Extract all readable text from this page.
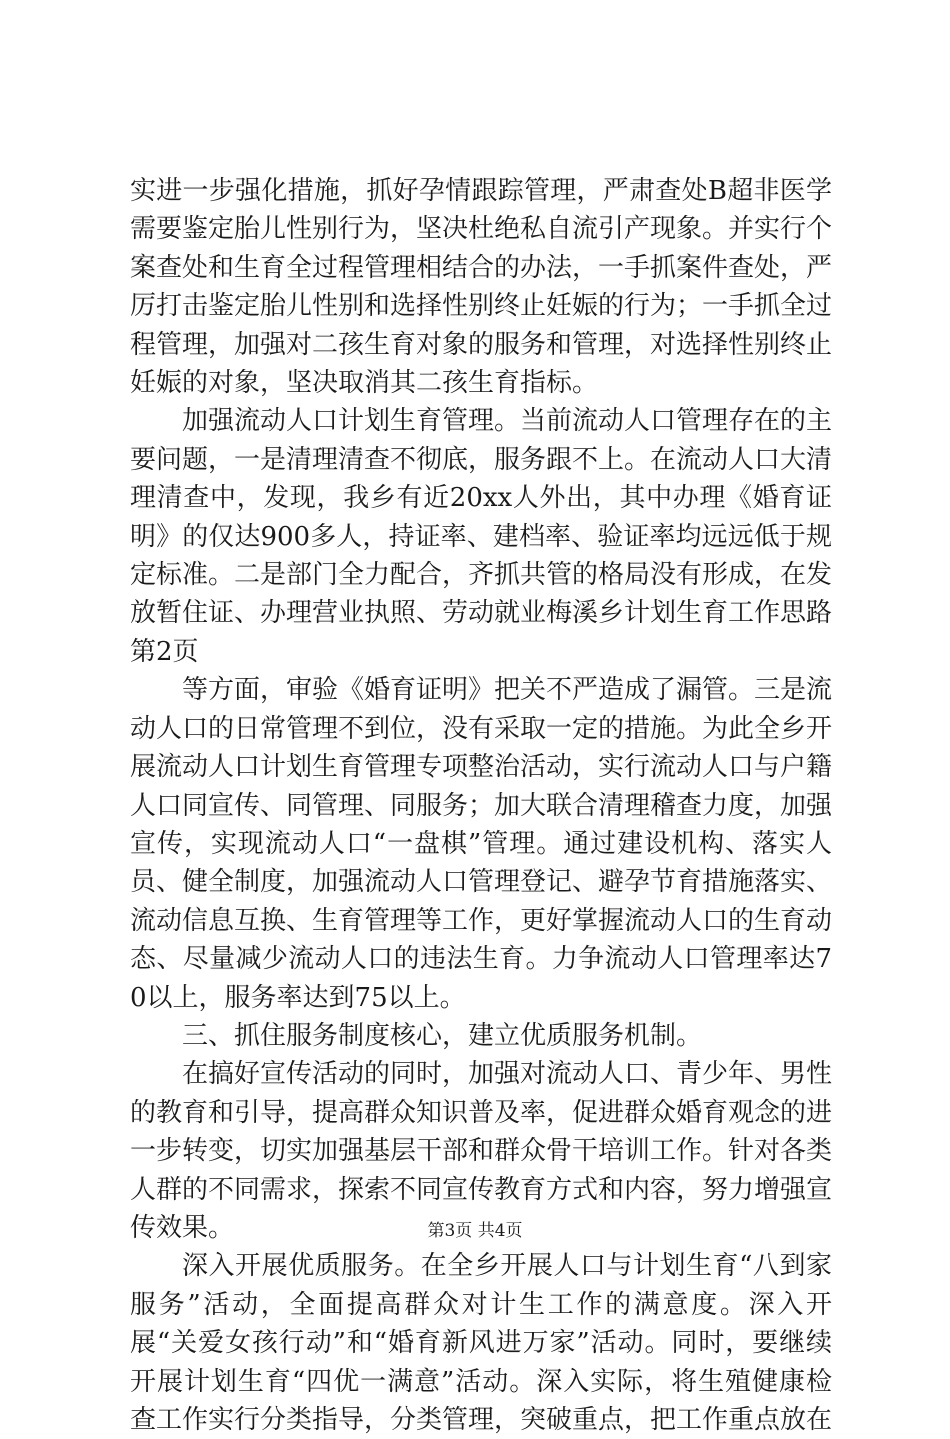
实进一步强化措施，抓好孕情跟踪管理，严肃查处B超非医学需要鉴定胎儿性别行为，坚决杜绝私自流引产现象。并实行个案查处和生育全过程管理相结合的办法，一手抓案件查处，严厉打击鉴定胎儿性别和选择性别终止妊娠的行为；一手抓全过程管理，加强对二孩生育对象的服务和管理，对选择性别终止妊娠的对象，坚决取消其二孩生育指标。

加强流动人口计划生育管理。当前流动人口管理存在的主要问题，一是清理清查不彻底，服务跟不上。在流动人口大清理清查中，发现，我乡有近20xx人外出，其中办理《婚育证明》的仅达900多人，持证率、建档率、验证率均远远低于规定标准。二是部门全力配合，齐抓共管的格局没有形成，在发放暂住证、办理营业执照、劳动就业梅溪乡计划生育工作思路第2页

等方面，审验《婚育证明》把关不严造成了漏管。三是流动人口的日常管理不到位，没有采取一定的措施。为此全乡开展流动人口计划生育管理专项整治活动，实行流动人口与户籍人口同宣传、同管理、同服务；加大联合清理稽查力度，加强宣传，实现流动人口“一盘棋”管理。通过建设机构、落实人员、健全制度，加强流动人口管理登记、避孕节育措施落实、流动信息互换、生育管理等工作，更好掌握流动人口的生育动态、尽量减少流动人口的违法生育。力争流动人口管理率达70以上，服务率达到75以上。

三、抓住服务制度核心，建立优质服务机制。

在搞好宣传活动的同时，加强对流动人口、青少年、男性的教育和引导，提高群众知识普及率，促进群众婚育观念的进一步转变，切实加强基层干部和群众骨干培训工作。针对各类人群的不同需求，探索不同宣传教育方式和内容，努力增强宣传效果。

深入开展优质服务。在全乡开展人口与计划生育“八到家服务”活动，全面提高群众对计生工作的满意度。深入开展“关爱女孩行动”和“婚育新风进万家”活动。同时，要继续开展计划生育“四优一满意”活动。深入实际，将生殖健康检查工作实行分类指导，分类管理，突破重点，把工作重点放在

第3页 共4页
